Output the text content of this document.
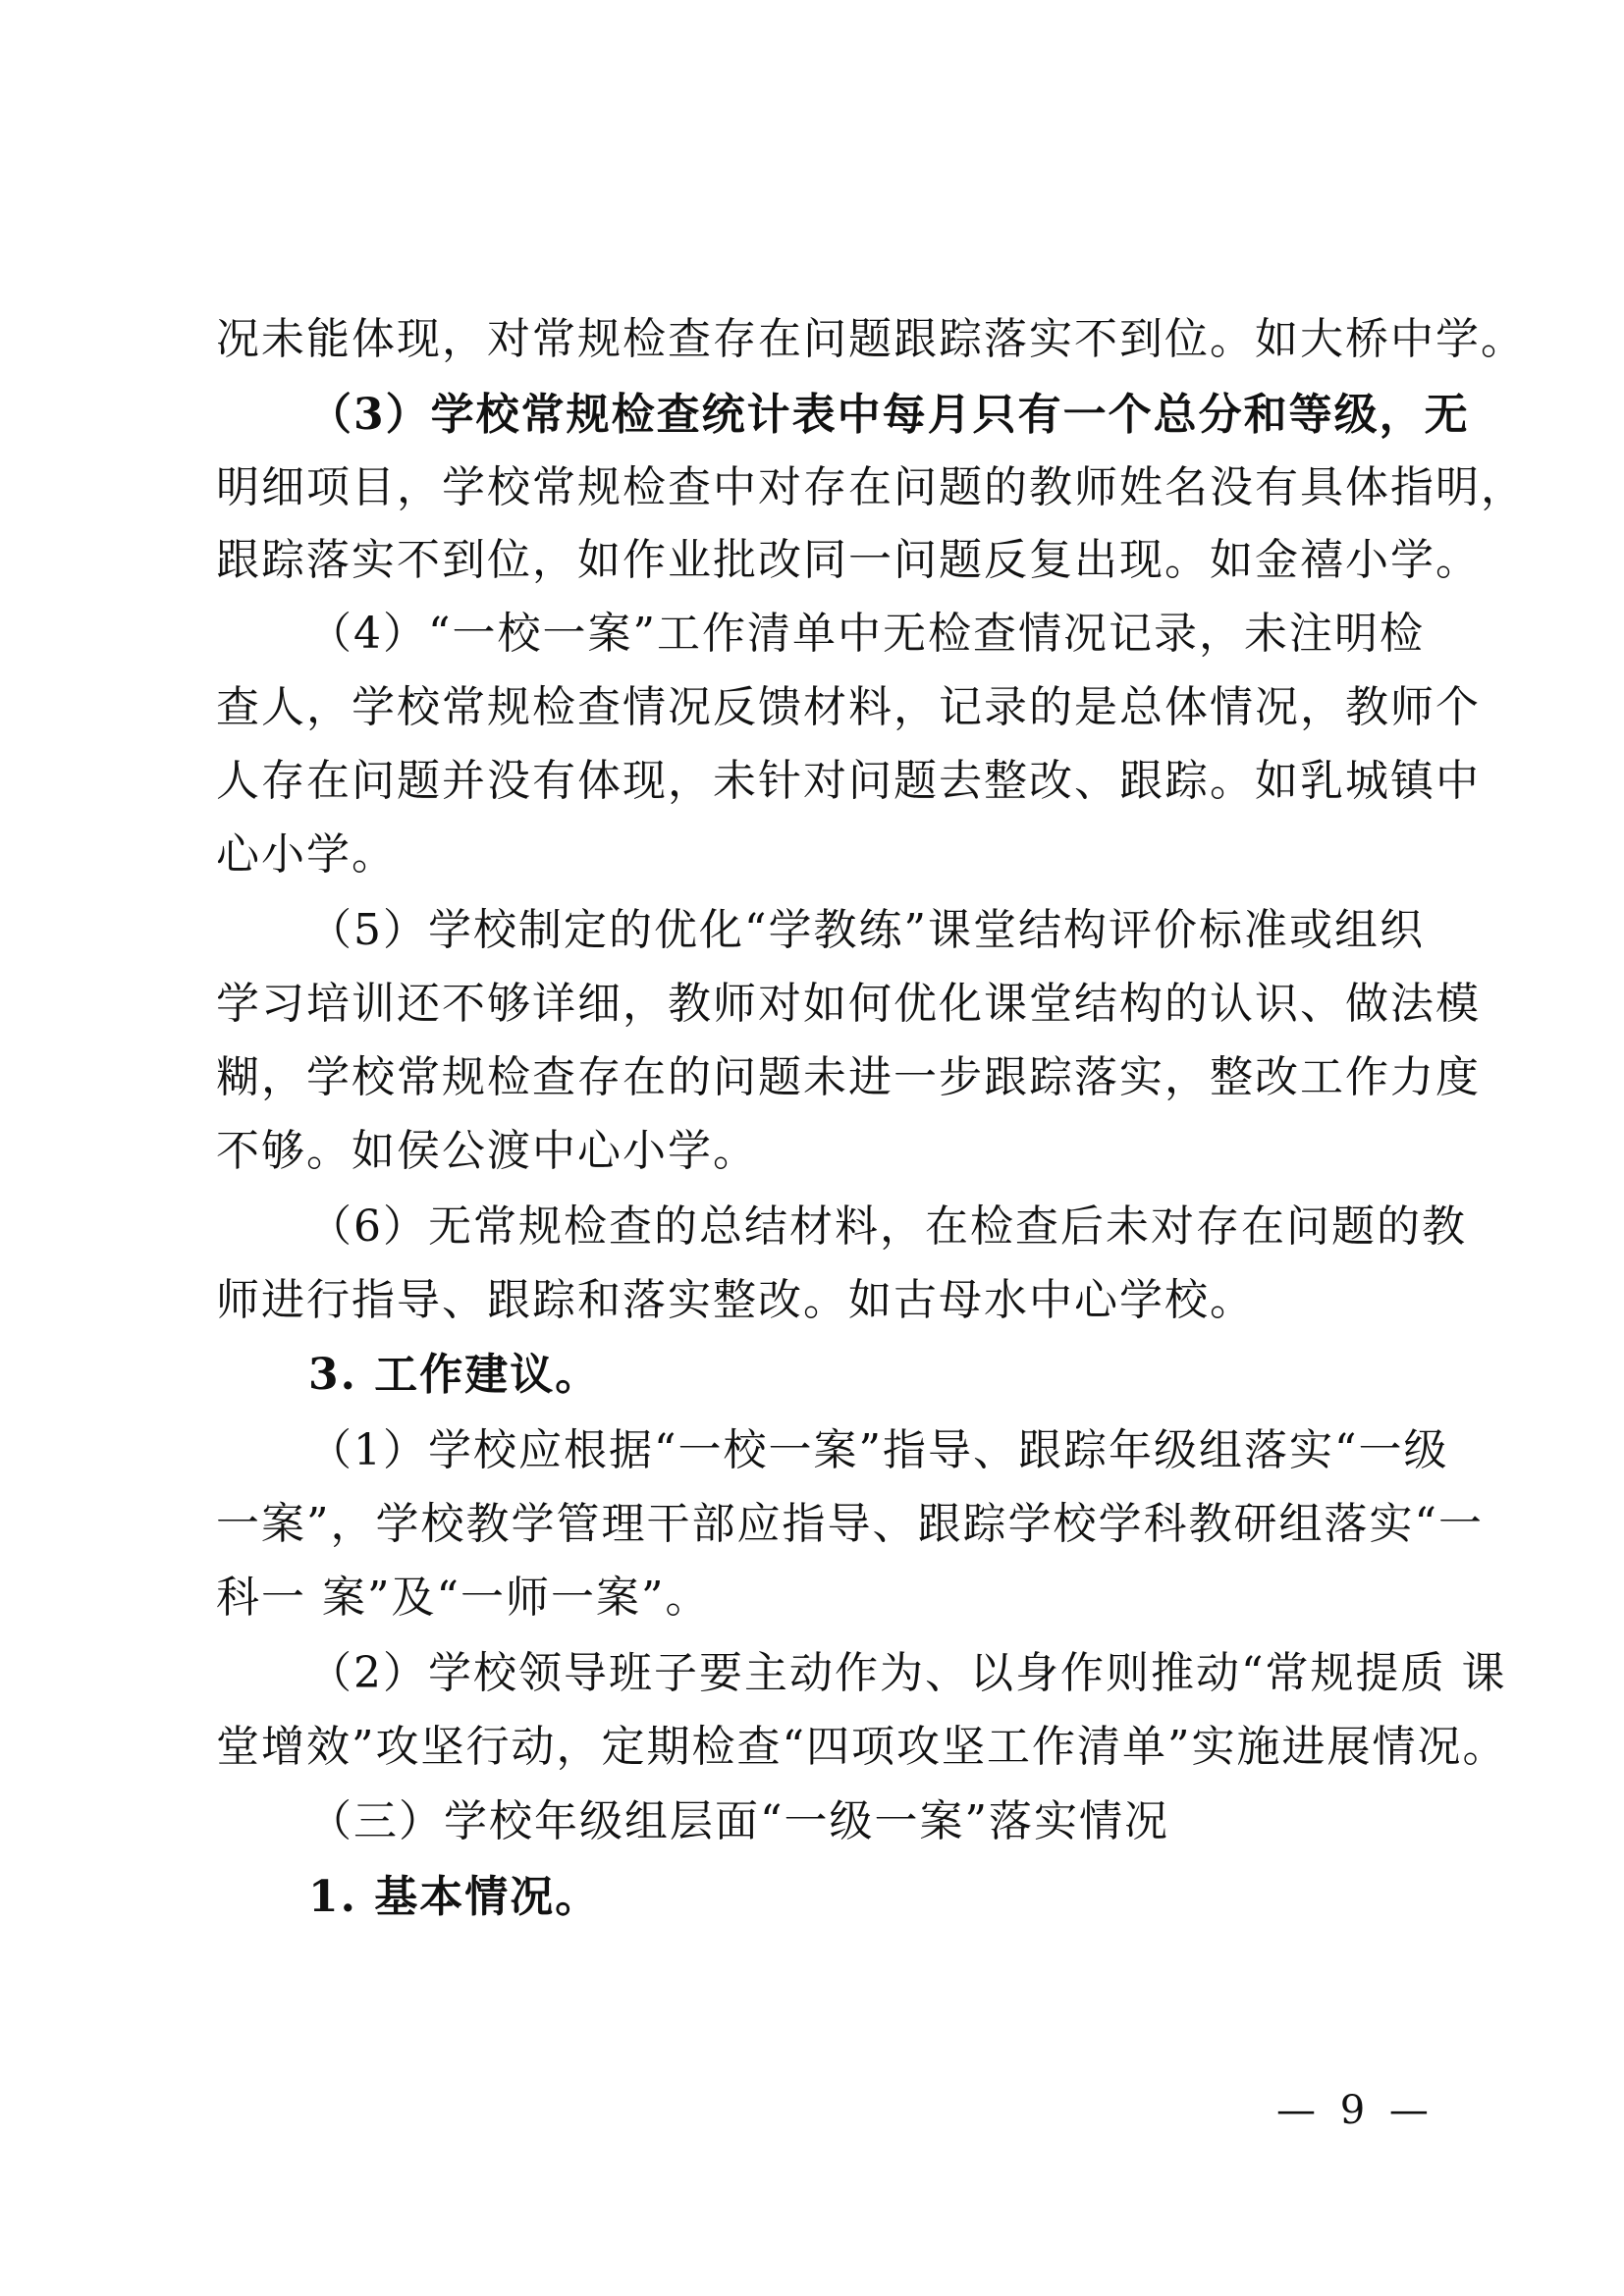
况未能体现，对常规检查存在问题跟踪落实不到位。如大桥中学。
（3）学校常规检查统计表中每月只有一个总分和等级，无
明细项目，学校常规检查中对存在问题的教师姓名没有具体指明，
跟踪落实不到位，如作业批改同一问题反复出现。如金禧小学。
（4）“一校一案”工作清单中无检查情况记录，未注明检
查人，学校常规检查情况反馈材料，记录的是总体情况，教师个
人存在问题并没有体现，未针对问题去整改、跟踪。如乳城镇中
心小学。
（5）学校制定的优化“学教练”课堂结构评价标准或组织
学习培训还不够详细，教师对如何优化课堂结构的认识、做法模
糊，学校常规检查存在的问题未进一步跟踪落实，整改工作力度
不够。如侯公渡中心小学。
（6）无常规检查的总结材料，在检查后未对存在问题的教
师进行指导、跟踪和落实整改。如古母水中心学校。
3. 工作建议。
（1）学校应根据“一校一案”指导、跟踪年级组落实“一级
一案”，学校教学管理干部应指导、跟踪学校学科教研组落实“一
科一 案”及“一师一案”。
（2）学校领导班子要主动作为、以身作则推动“常规提质 课
堂增效”攻坚行动，定期检查“四项攻坚工作清单”实施进展情况。
（三）学校年级组层面“一级一案”落实情况
1. 基本情况。
— 9 —
